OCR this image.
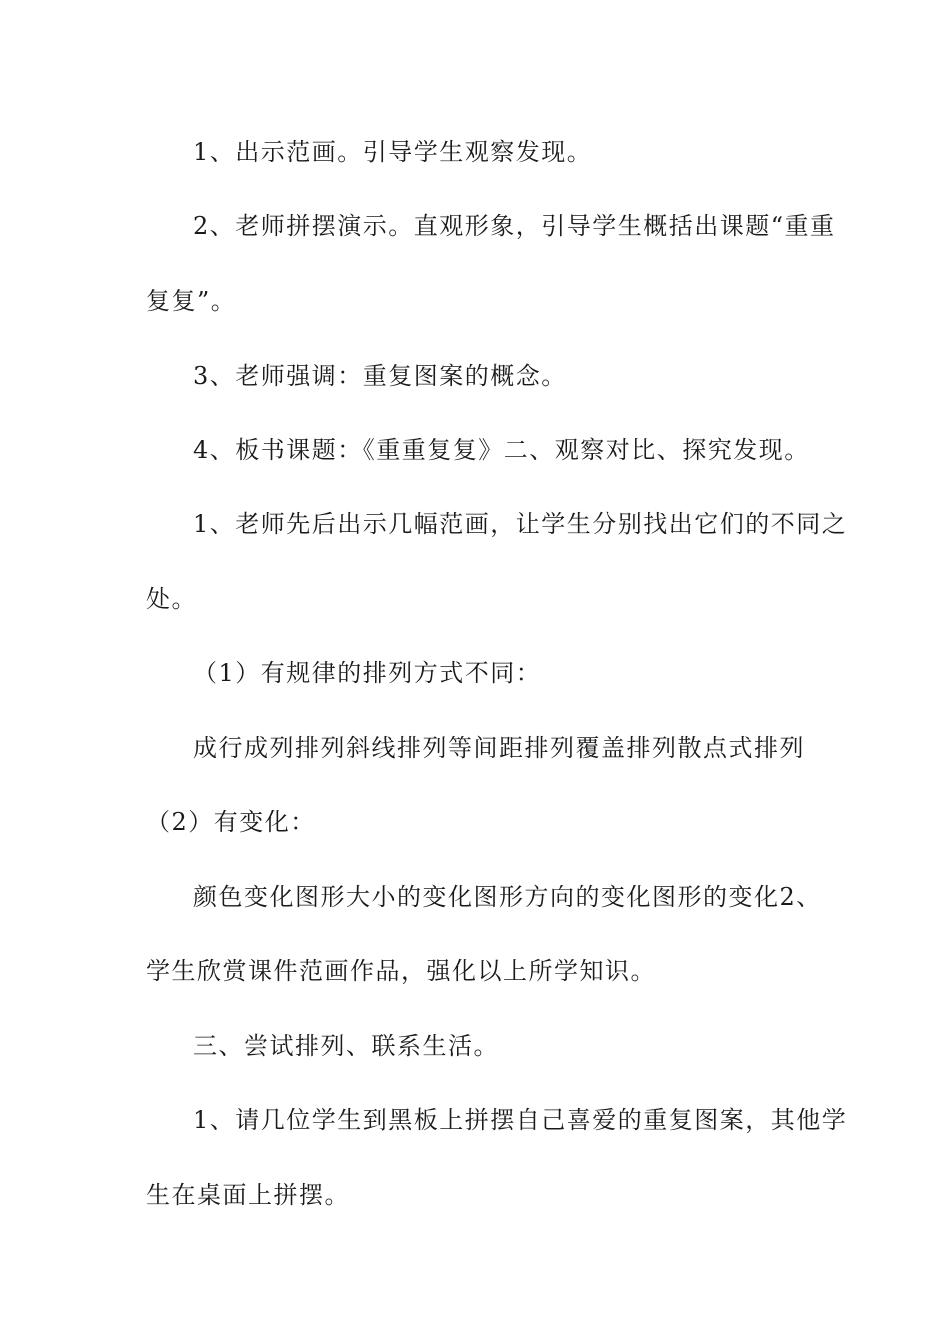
1、出示范画。引导学生观察发现。

2、老师拼摆演示。直观形象，引导学生概括出课题“重重

复复”。

3、老师强调：重复图案的概念。

4、板书课题：《重重复复》二、观察对比、探究发现。

1、老师先后出示几幅范画，让学生分别找出它们的不同之

处。

（1）有规律的排列方式不同：

成行成列排列斜线排列等间距排列覆盖排列散点式排列

（2）有变化：

颜色变化图形大小的变化图形方向的变化图形的变化2、

学生欣赏课件范画作品，强化以上所学知识。

三、尝试排列、联系生活。

1、请几位学生到黑板上拼摆自己喜爱的重复图案，其他学

生在桌面上拼摆。
